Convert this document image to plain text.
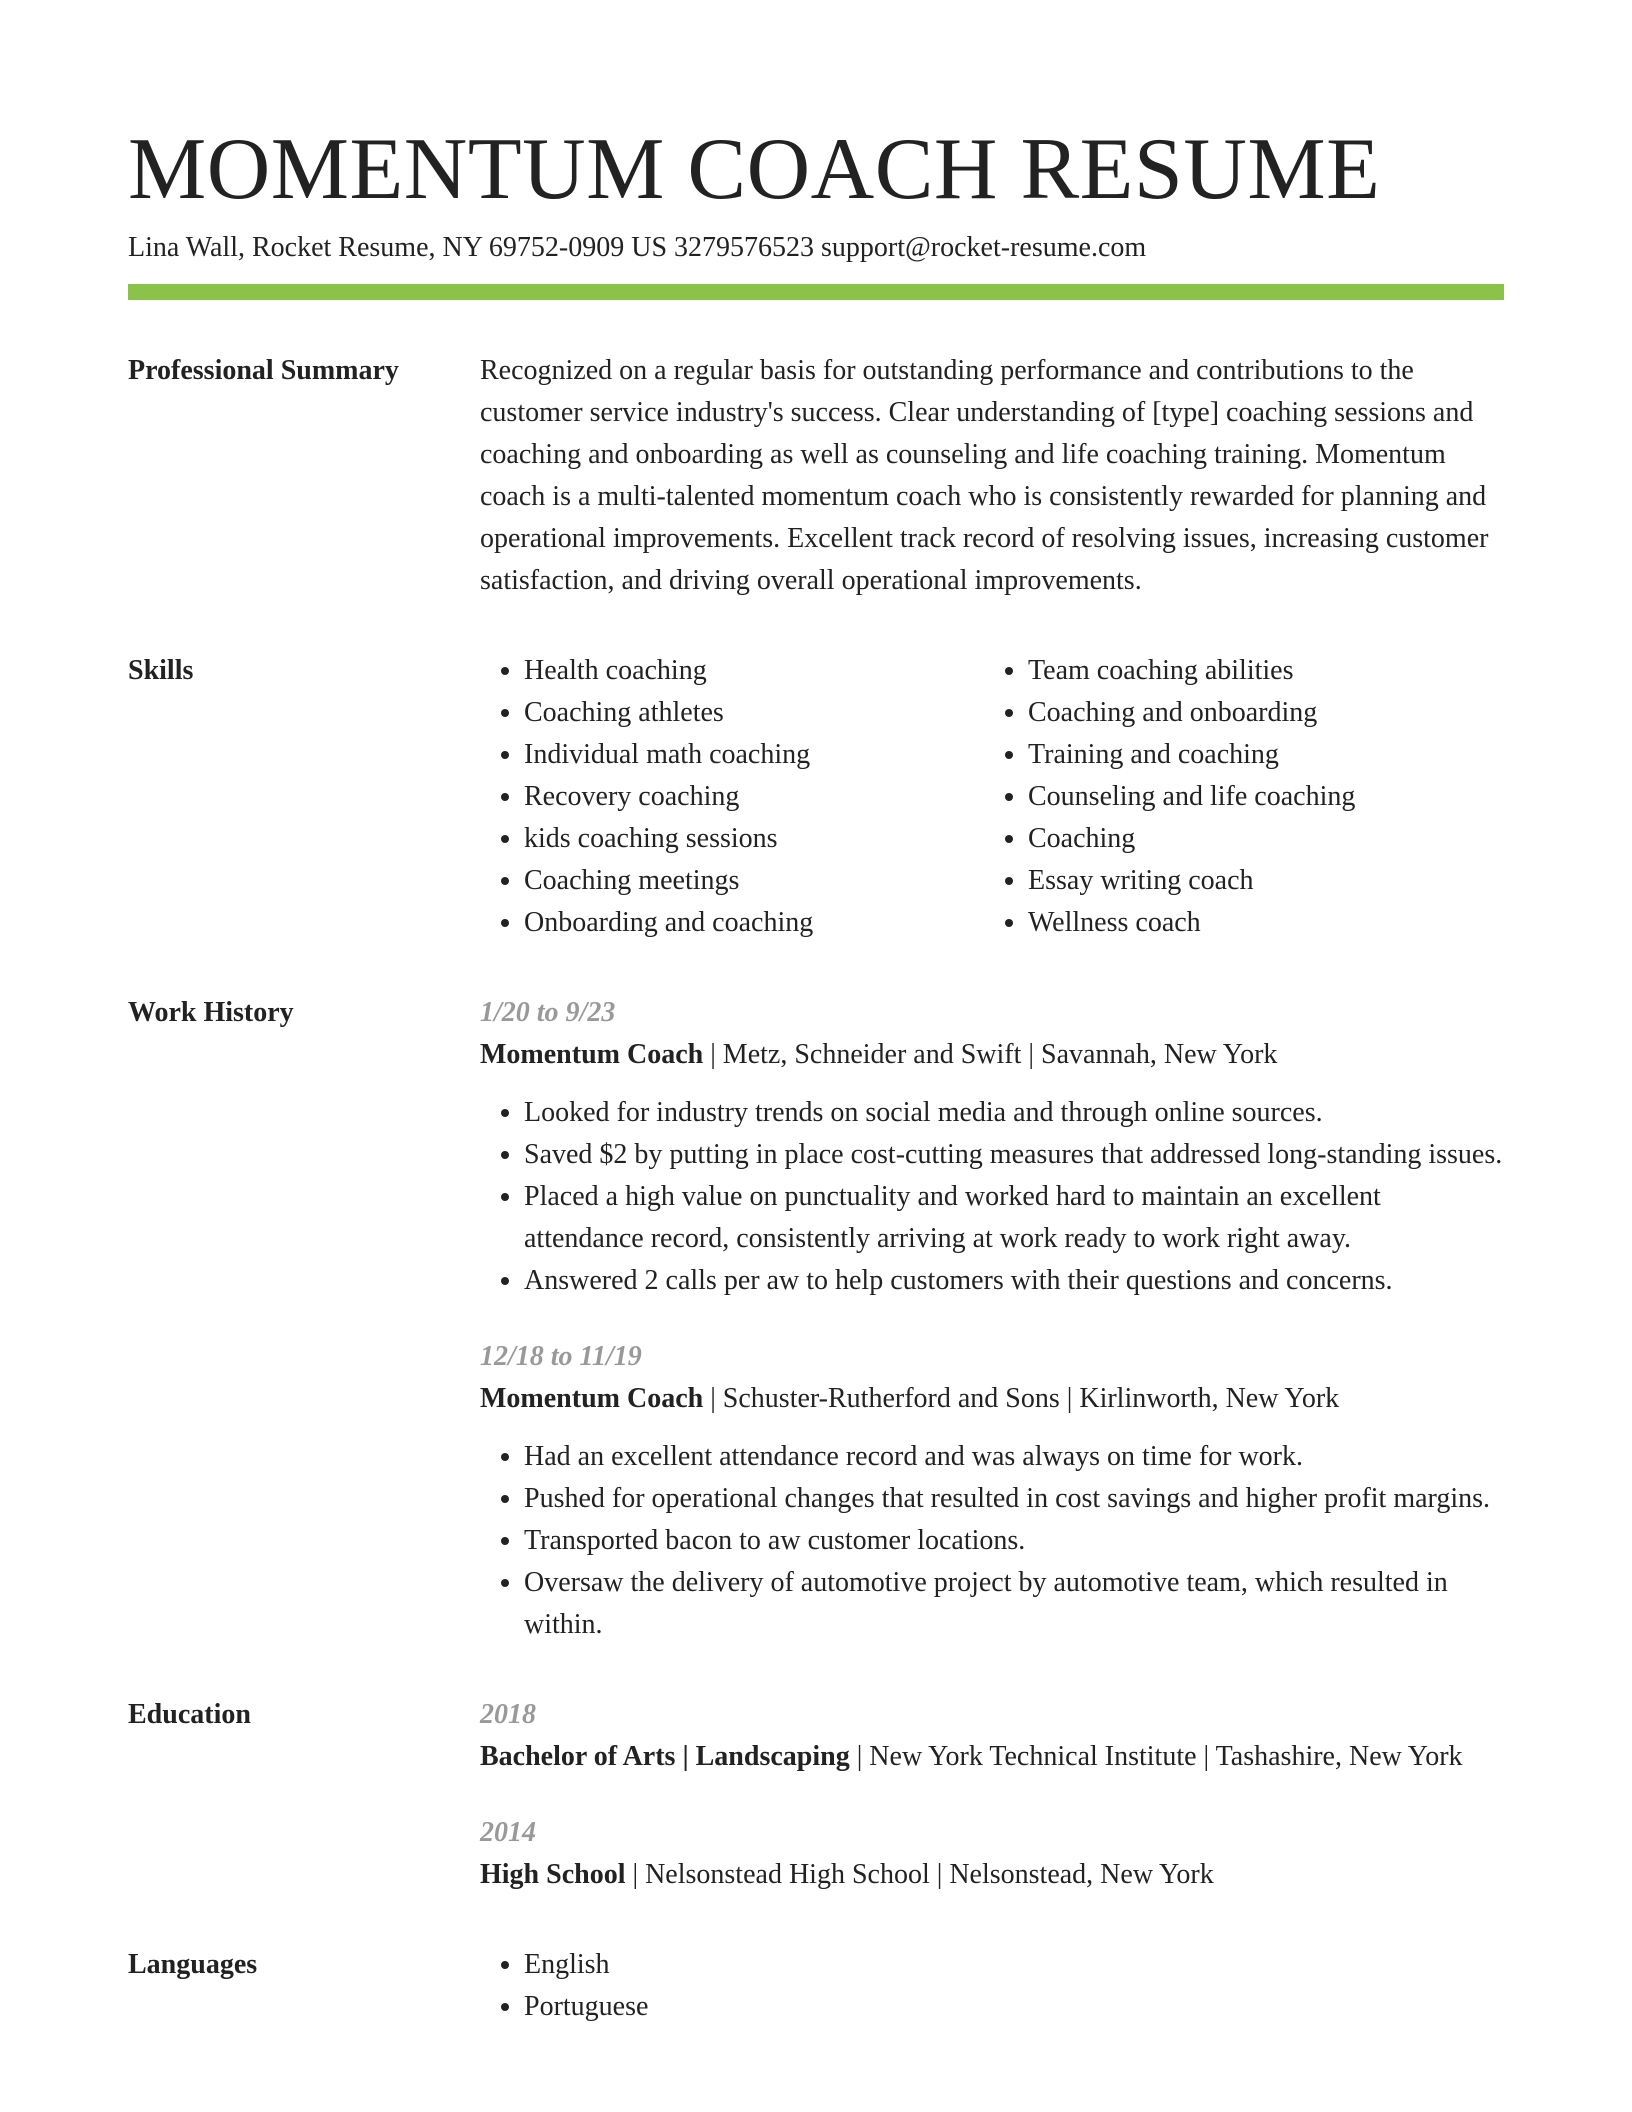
MOMENTUM COACH RESUME
Lina Wall, Rocket Resume, NY 69752-0909 US 3279576523 support@rocket-resume.com
Professional Summary	Recognized on a regular basis for outstanding performance and contributions to the customer service industry's success. Clear understanding of [type] coaching sessions and coaching and onboarding as well as counseling and life coaching training. Momentum coach is a multi-talented momentum coach who is consistently rewarded for planning and operational improvements. Excellent track record of resolving issues, increasing customer satisfaction, and driving overall operational improvements.

Skills	• Health coaching
• Coaching athletes
• Individual math coaching
• Recovery coaching
• kids coaching sessions
• Coaching meetings
• Onboarding and coaching
• Team coaching abilities
• Coaching and onboarding
• Training and coaching
• Counseling and life coaching
• Coaching
• Essay writing coach
• Wellness coach
Work History	1/20 to 9/23
Momentum Coach | Metz, Schneider and Swift | Savannah, New York
• Looked for industry trends on social media and through online sources.
• Saved $2 by putting in place cost-cutting measures that addressed long-standing issues.
• Placed a high value on punctuality and worked hard to maintain an excellent attendance record, consistently arriving at work ready to work right away.
• Answered 2 calls per aw to help customers with their questions and concerns.
12/18 to 11/19
Momentum Coach | Schuster-Rutherford and Sons | Kirlinworth, New York
• Had an excellent attendance record and was always on time for work.
• Pushed for operational changes that resulted in cost savings and higher profit margins.
• Transported bacon to aw customer locations.
• Oversaw the delivery of automotive project by automotive team, which resulted in within.
Education	2018
Bachelor of Arts | Landscaping | New York Technical Institute | Tashashire, New York
2014
High School | Nelsonstead High School | Nelsonstead, New York
Languages	• English
• Portuguese
